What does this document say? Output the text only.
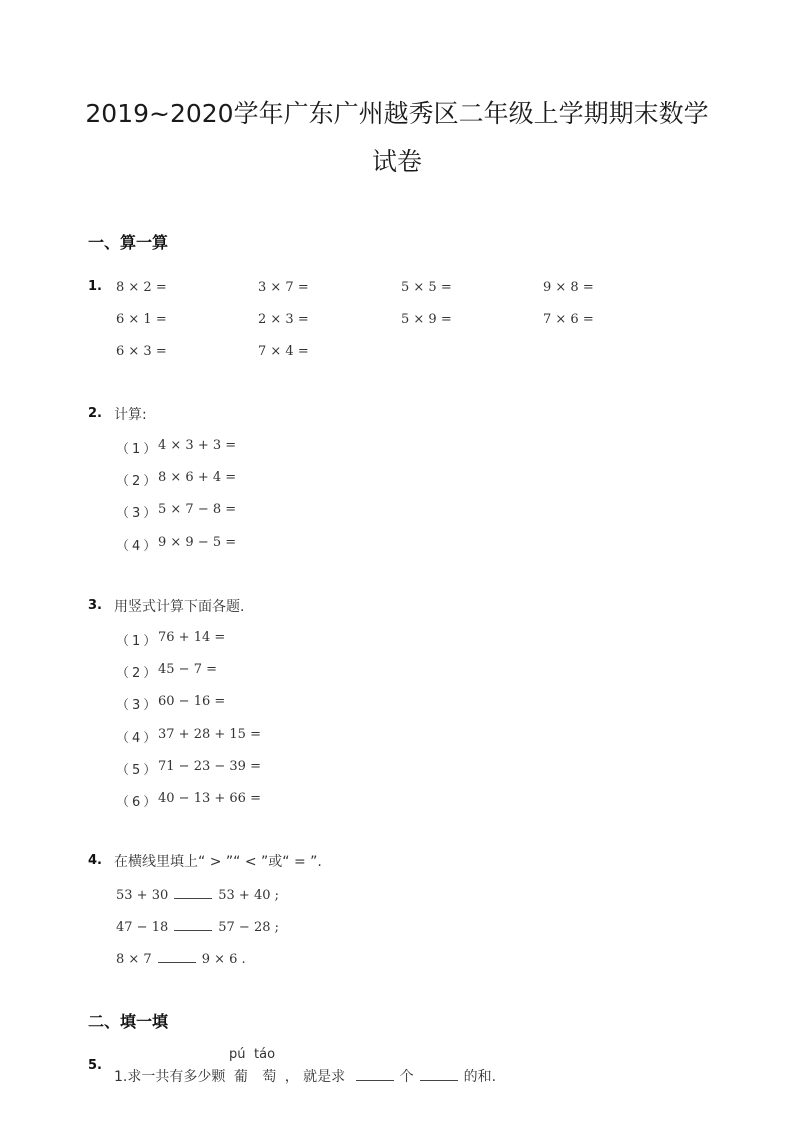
2019~2020学年广东广州越秀区二年级上学期期末数学
试卷
一、算一算
1. 8 × 2 =	3 × 7 =	5 × 5 =	9 × 8 =
6 × 1 =	2 × 3 =	5 × 9 =	7 × 6 =
6 × 3 =	7 × 4 =
2. 计算:
（1）
4 × 3 + 3 =
（2）
8 × 6 + 4 =
（3）
5 × 7 − 8 =
（4）
9 × 9 − 5 =
3. 用竖式计算下面各题.
（1）
76 + 14 =
（2）
45 − 7 =
（3）
60 − 16 =
（4）
37 + 28 + 15 =
（5）
71 − 23 − 39 =
（6）
40 − 13 + 66 =
4. 在横线里填上“ > ”“ < ”或“ = ”.
53 + 30	53 + 40 ;
47 − 18	57 − 28 ;
8 × 7	9 × 6 .
二、填一填
5.
pú táo
1.求一共有多少颗 葡 萄 ， 就是求	个	的和.
